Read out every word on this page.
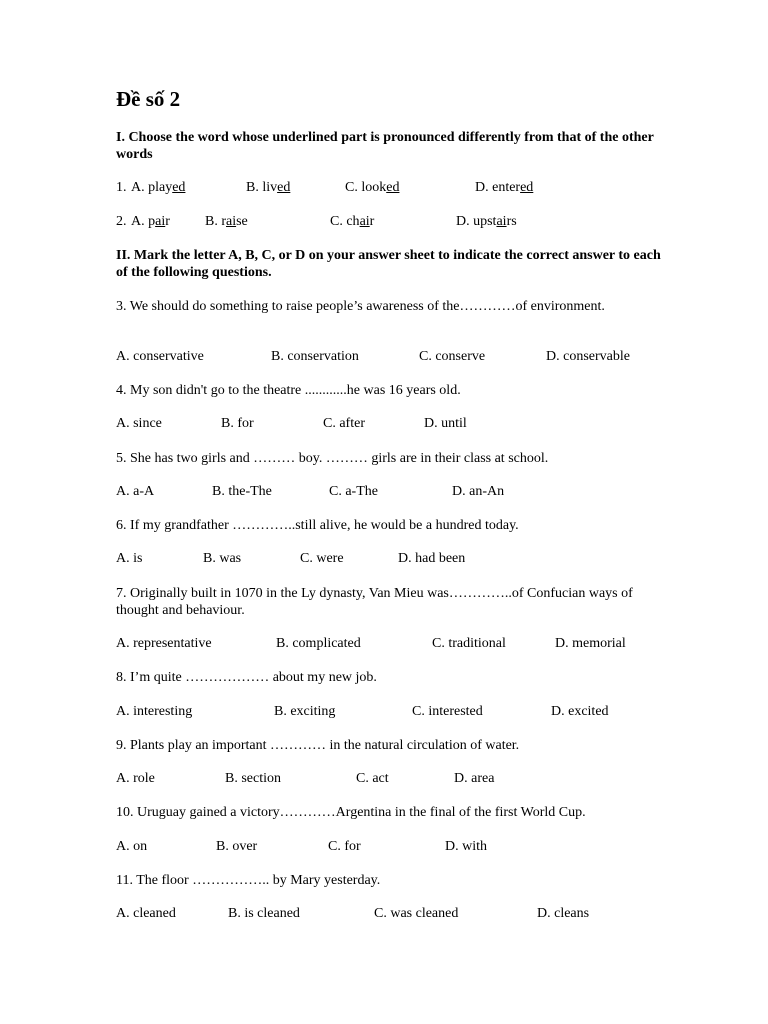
Đề số 2
I. Choose the word whose underlined part is pronounced differently from that of the other words
1. A. played	B. lived	C. looked	D. entered
2. A. pair	B. raise	C. chair	D. upstairs
II. Mark the letter A, B, C, or D on your answer sheet to indicate the correct answer to each of the following questions.
3. We should do something to raise people’s awareness of the…………of environment.
A. conservative	B. conservation	C. conserve	D. conservable
4. My son didn't go to the theatre ............he was 16 years old.
A. since	B. for	C. after	D. until
5. She has two girls and ……… boy. ……… girls are in their class at school.
A. a-A	B. the-The	C. a-The	D. an-An
6. If my grandfather …………..still alive, he would be a hundred today.
A. is	B. was	C. were	D. had been
7. Originally built in 1070 in the Ly dynasty, Van Mieu was…………..of Confucian ways of thought and behaviour.
A. representative	B. complicated	C. traditional	D. memorial
8. I’m quite ……………… about my new job.
A. interesting	B. exciting	C. interested	D. excited
9. Plants play an important ………… in the natural circulation of water.
A. role	B. section	C. act	D. area
10. Uruguay gained a victory…………Argentina in the final of the first World Cup.
A. on	B. over	C. for	D. with
11. The floor …………….. by Mary yesterday.
A. cleaned	B. is cleaned	C. was cleaned	D. cleans
